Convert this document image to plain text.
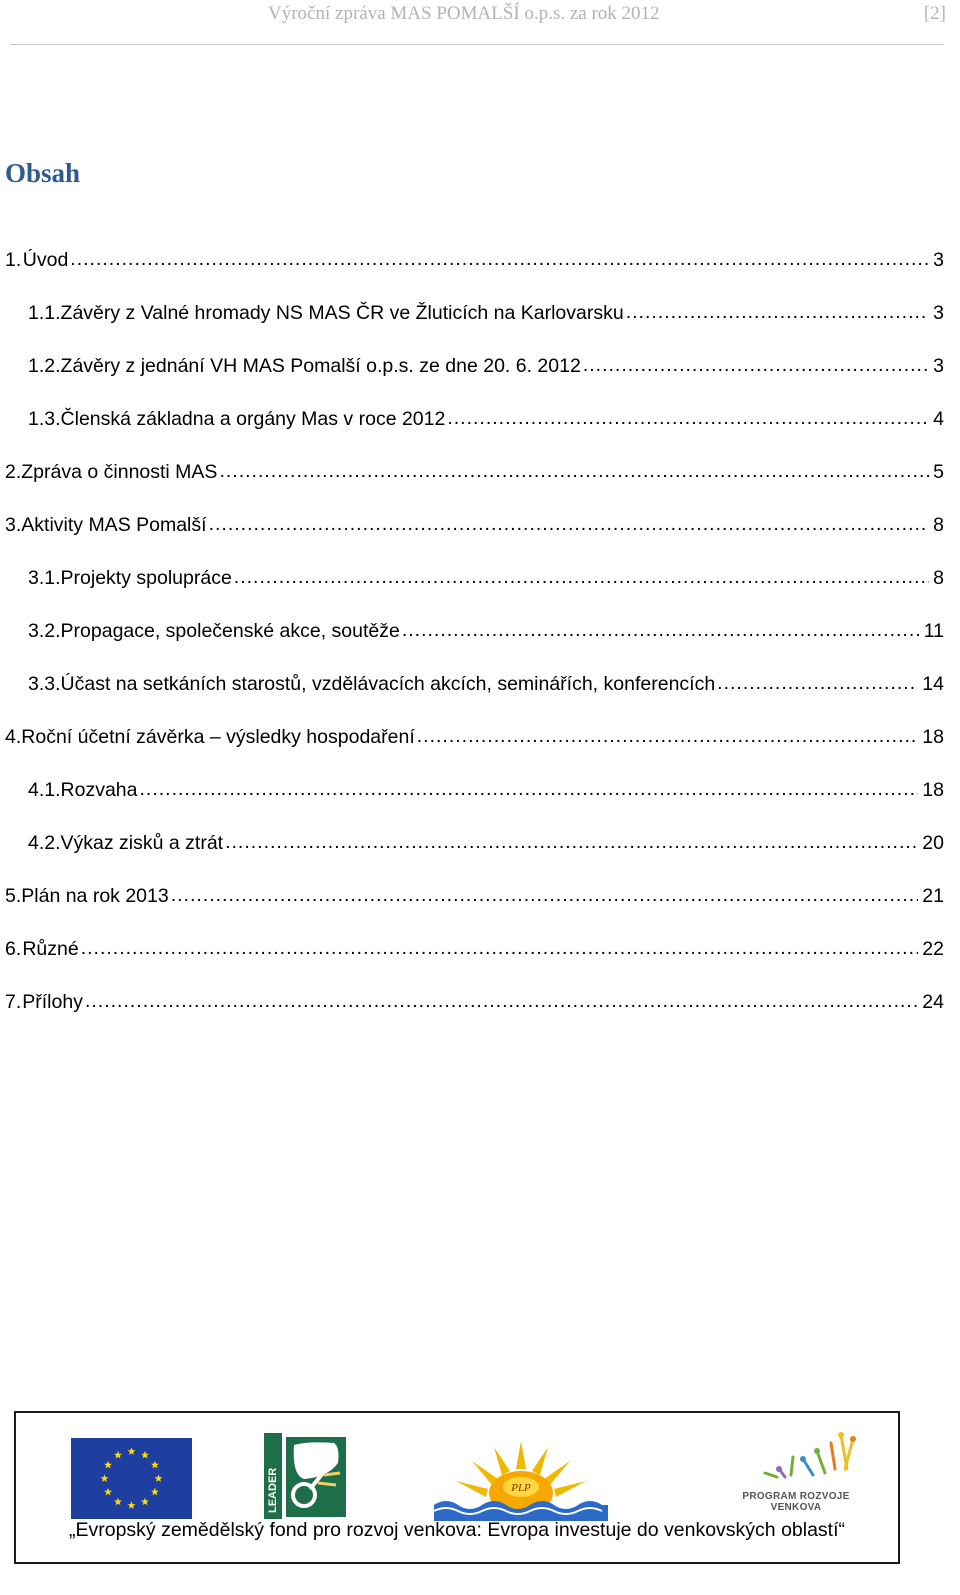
Výroční zpráva MAS POMALŠÍ o.p.s. za rok 2012	[2]
Obsah
1. Úvod .....	3
1.1. Závěry z Valné hromady NS MAS ČR ve Žluticích na Karlovarsku .....	3
1.2. Závěry z jednání VH MAS Pomalší o.p.s. ze dne 20. 6. 2012 .....	3
1.3. Členská základna a orgány Mas v roce 2012 .....	4
2. Zpráva o činnosti MAS .....	5
3. Aktivity MAS Pomalší .....	8
3.1. Projekty spolupráce .....	8
3.2. Propagace, společenské akce, soutěže .....	11
3.3. Účast na setkáních starostů, vzdělávacích akcích, seminářích, konferencích .....	14
4. Roční účetní závěrka – výsledky hospodaření .....	18
4.1. Rozvaha .....	18
4.2. Výkaz zisků a ztrát .....	20
5. Plán na rok 2013 .....	21
6. Různé .....	22
7. Přílohy .....	24
LEADER	PLP
PROGRAM ROZVOJE VENKOVA
„Evropský zemědělský fond pro rozvoj venkova: Evropa investuje do venkovských oblastí“
